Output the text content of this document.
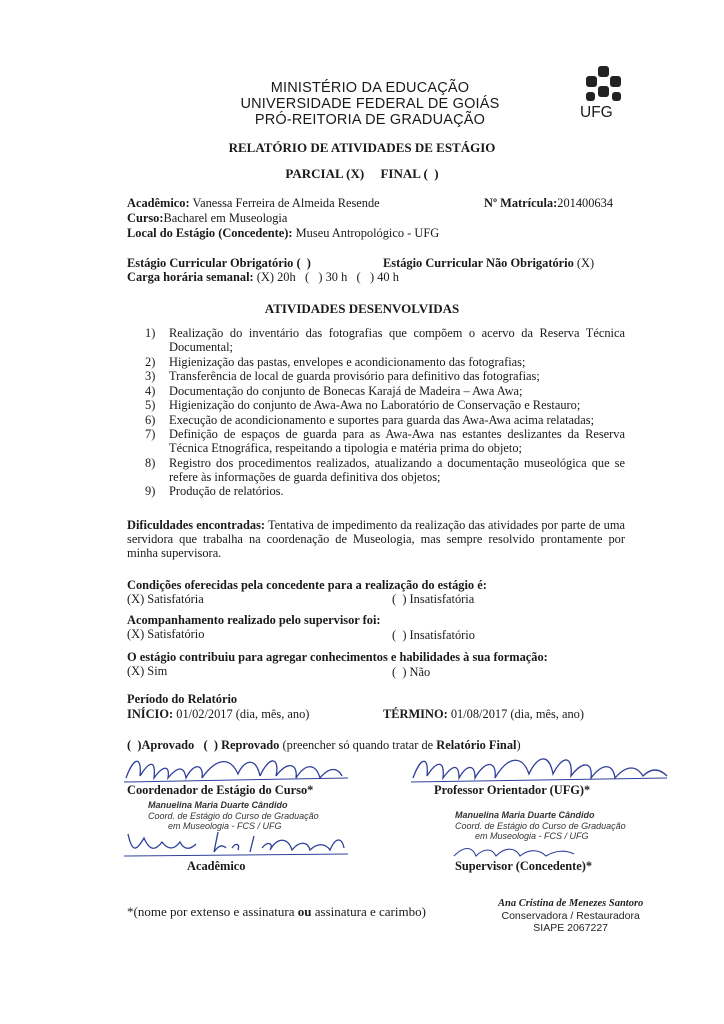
MINISTÉRIO DA EDUCAÇÃO
UNIVERSIDADE FEDERAL DE GOIÁS
PRÓ-REITORIA DE GRADUAÇÃO	UFG
RELATÓRIO DE ATIVIDADES DE ESTÁGIO
PARCIAL (X)     FINAL (  )
Acadêmico: Vanessa Ferreira de Almeida Resende	Nº Matrícula:201400634
Curso:Bacharel em Museologia
Local do Estágio (Concedente): Museu Antropológico - UFG
Estágio Curricular Obrigatório (  )	Estágio Curricular Não Obrigatório (X)
Carga horária semanal: (X) 20h   (   ) 30 h   (   ) 40 h
ATIVIDADES DESENVOLVIDAS
1)	Realização do inventário das fotografias que compõem o acervo da Reserva Técnica Documental;
2)	Higienização das pastas, envelopes e acondicionamento das fotografias;
3)	Transferência de local de guarda provisório para definitivo das fotografias;
4)	Documentação do conjunto de Bonecas Karajá de Madeira – Awa Awa;
5)	Higienização do conjunto de Awa-Awa no Laboratório de Conservação e Restauro;
6)	Execução de acondicionamento e suportes para guarda das Awa-Awa acima relatadas;
7)	Definição de espaços de guarda para as Awa-Awa nas estantes deslizantes da Reserva Técnica Etnográfica, respeitando a tipologia e matéria prima do objeto;
8)	Registro dos procedimentos realizados, atualizando a documentação museológica que se refere às informações de guarda definitiva dos objetos;
9)	Produção de relatórios.
Dificuldades encontradas: Tentativa de impedimento da realização das atividades por parte de uma servidora que trabalha na coordenação de Museologia, mas sempre resolvido prontamente por minha supervisora.
Condições oferecidas pela concedente para a realização do estágio é:
(X) Satisfatória	(  ) Insatisfatória
Acompanhamento realizado pelo supervisor foi:
(X) Satisfatório	(  ) Insatisfatório
O estágio contribuiu para agregar conhecimentos e habilidades à sua formação:
(X) Sim	(  ) Não
Período do Relatório
INÍCIO: 01/02/2017 (dia, mês, ano)	TÉRMINO: 01/08/2017 (dia, mês, ano)
(  )Aprovado (  ) Reprovado (preencher só quando tratar de Relatório Final)
Coordenador de Estágio do Curso*	Professor Orientador (UFG)*
Manuelina Maria Duarte Cândido
Coord. de Estágio do Curso de Graduação
em Museologia - FCS / UFG
Manuelina Maria Duarte Cândido
Coord. de Estágio do Curso de Graduação
em Museologia - FCS / UFG
Acadêmico	Supervisor (Concedente)*
*(nome por extenso e assinatura ou assinatura e carimbo)
Ana Cristina de Menezes Santoro
Conservadora / Restauradora
SIAPE 2067227
